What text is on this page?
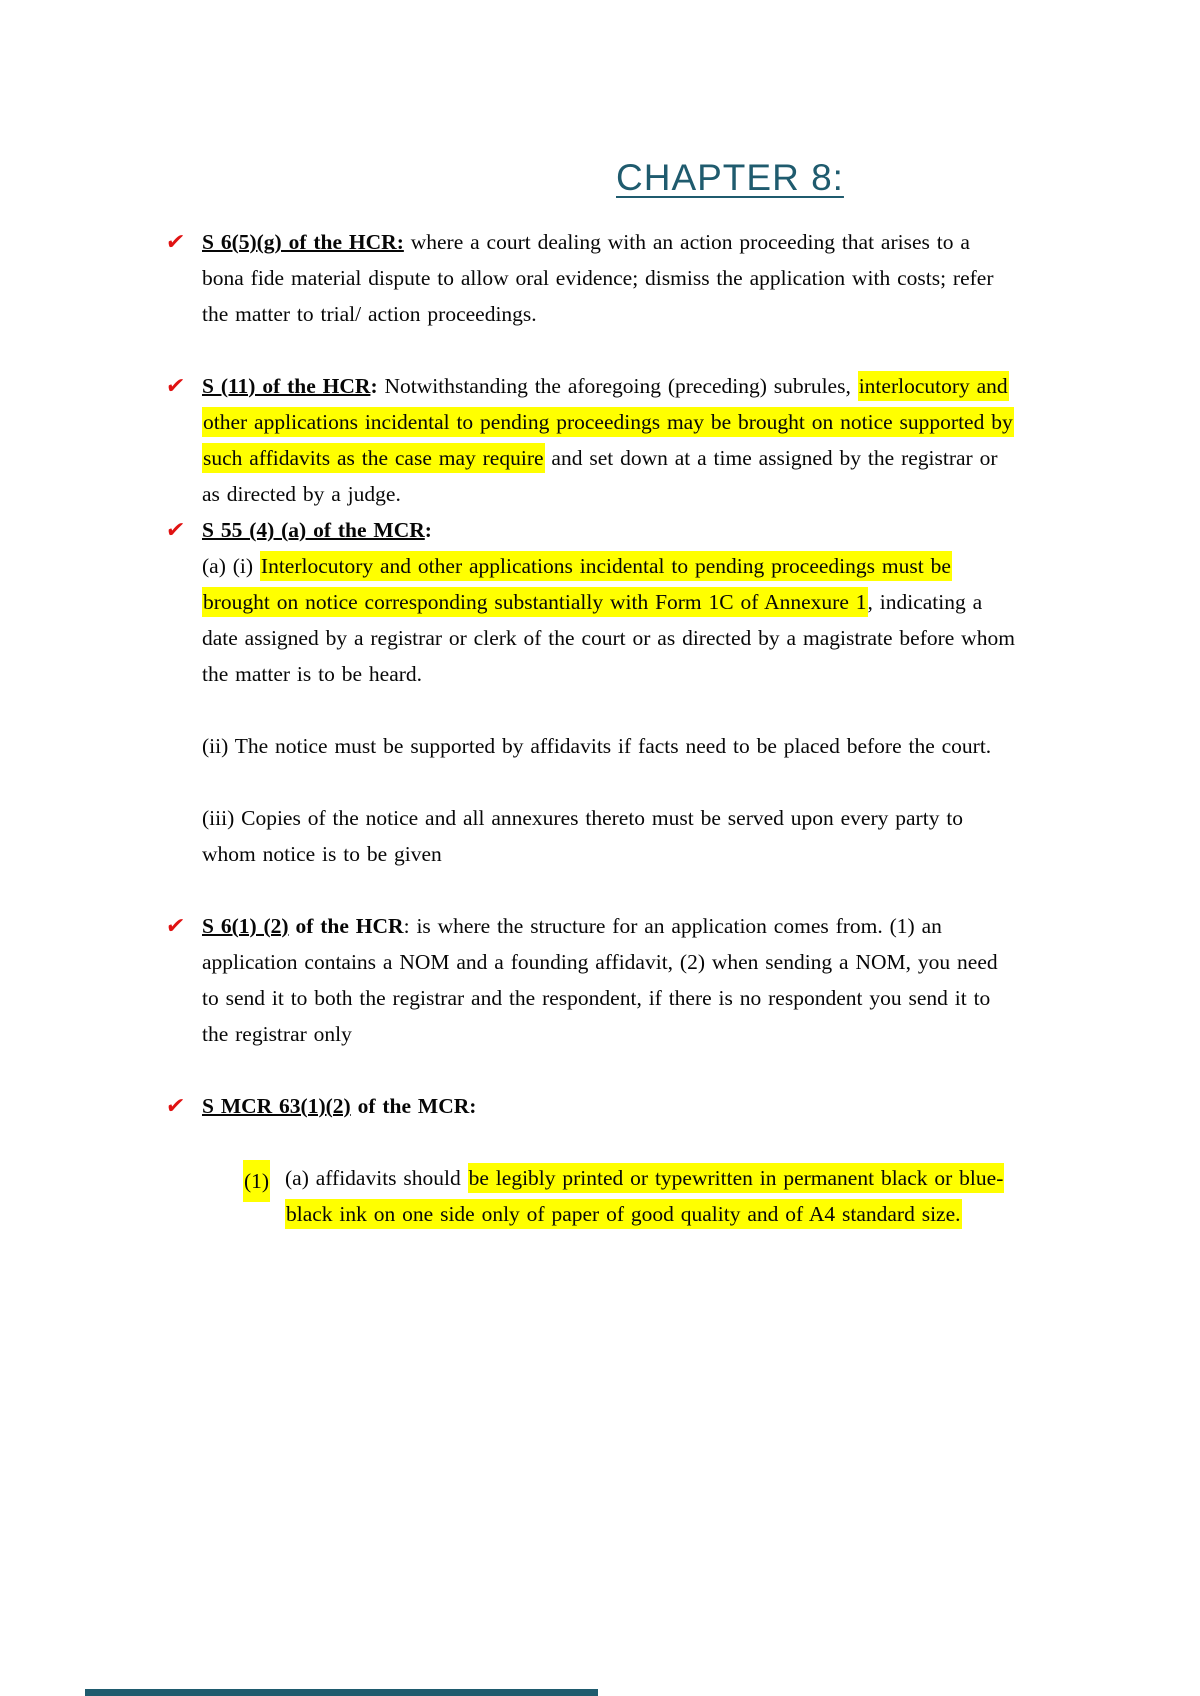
CHAPTER 8:
✔ S 6(5)(g) of the HCR: where a court dealing with an action proceeding that arises to a bona fide material dispute to allow oral evidence; dismiss the application with costs; refer the matter to trial/ action proceedings.
✔ S (11) of the HCR: Notwithstanding the aforegoing (preceding) subrules, interlocutory and other applications incidental to pending proceedings may be brought on notice supported by such affidavits as the case may require and set down at a time assigned by the registrar or as directed by a judge.
✔ S 55 (4) (a) of the MCR:
(a) (i) Interlocutory and other applications incidental to pending proceedings must be brought on notice corresponding substantially with Form 1C of Annexure 1, indicating a date assigned by a registrar or clerk of the court or as directed by a magistrate before whom the matter is to be heard.
(ii) The notice must be supported by affidavits if facts need to be placed before the court.
(iii) Copies of the notice and all annexures thereto must be served upon every party to whom notice is to be given
✔ S 6(1) (2) of the HCR: is where the structure for an application comes from. (1) an application contains a NOM and a founding affidavit, (2) when sending a NOM, you need to send it to both the registrar and the respondent, if there is no respondent you send it to the registrar only
✔ S MCR 63(1)(2) of the MCR:
(1) (a) affidavits should be legibly printed or typewritten in permanent black or blue-black ink on one side only of paper of good quality and of A4 standard size.
